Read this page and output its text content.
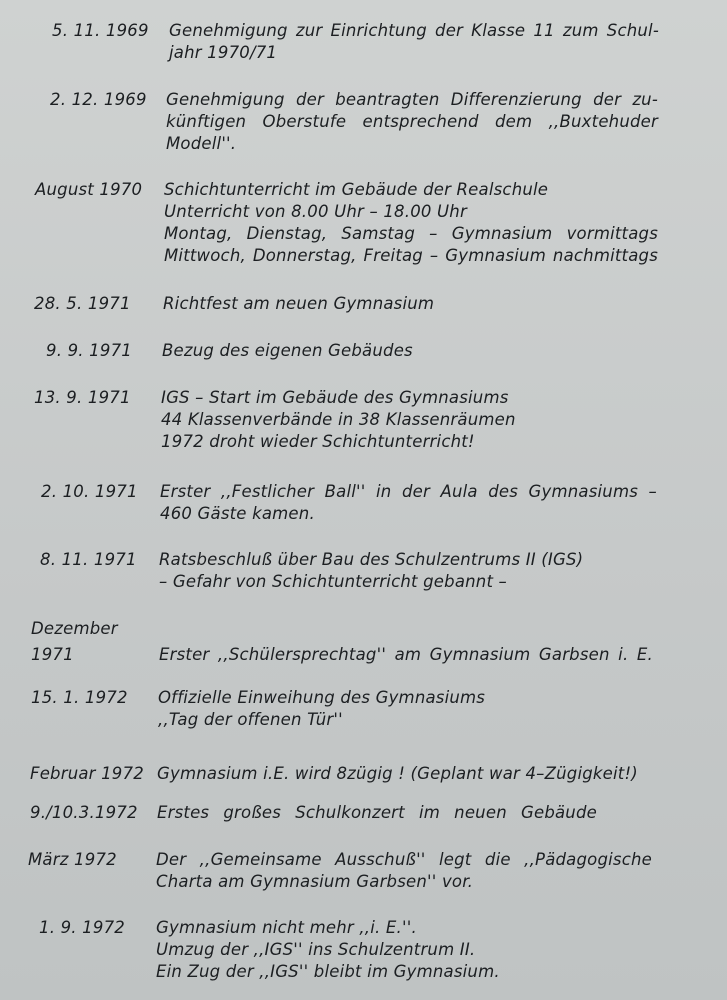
5. 11. 1969 Genehmigung zur Einrichtung der Klasse 11 zum Schul-
jahr 1970/71
2. 12. 1969 Genehmigung der beantragten Differenzierung der zu-
künftigen Oberstufe entsprechend dem ,,Buxtehuder
Modell''.
August 1970 Schichtunterricht im Gebäude der Realschule
Unterricht von 8.00 Uhr – 18.00 Uhr
Montag, Dienstag, Samstag – Gymnasium vormittags
Mittwoch, Donnerstag, Freitag – Gymnasium nachmittags
28. 5. 1971 Richtfest am neuen Gymnasium
9. 9. 1971 Bezug des eigenen Gebäudes
13. 9. 1971 IGS – Start im Gebäude des Gymnasiums
44 Klassenverbände in 38 Klassenräumen
1972 droht wieder Schichtunterricht!
2. 10. 1971 Erster ,,Festlicher Ball'' in der Aula des Gymnasiums –
460 Gäste kamen.
8. 11. 1971 Ratsbeschluß über Bau des Schulzentrums II (IGS)
– Gefahr von Schichtunterricht gebannt –
Dezember
1971	Erster ,,Schülersprechtag'' am Gymnasium Garbsen i. E.
15. 1. 1972 Offizielle Einweihung des Gymnasiums
,,Tag der offenen Tür''
Februar 1972 Gymnasium i.E. wird 8zügig ! (Geplant war 4–Zügigkeit!)
9./10.3.1972 Erstes großes Schulkonzert im neuen Gebäude
März 1972 Der ,,Gemeinsame Ausschuß'' legt die ,,Pädagogische
Charta am Gymnasium Garbsen'' vor.
1. 9. 1972 Gymnasium nicht mehr ,,i. E.''.
Umzug der ,,IGS'' ins Schulzentrum II.
Ein Zug der ,,IGS'' bleibt im Gymnasium.
